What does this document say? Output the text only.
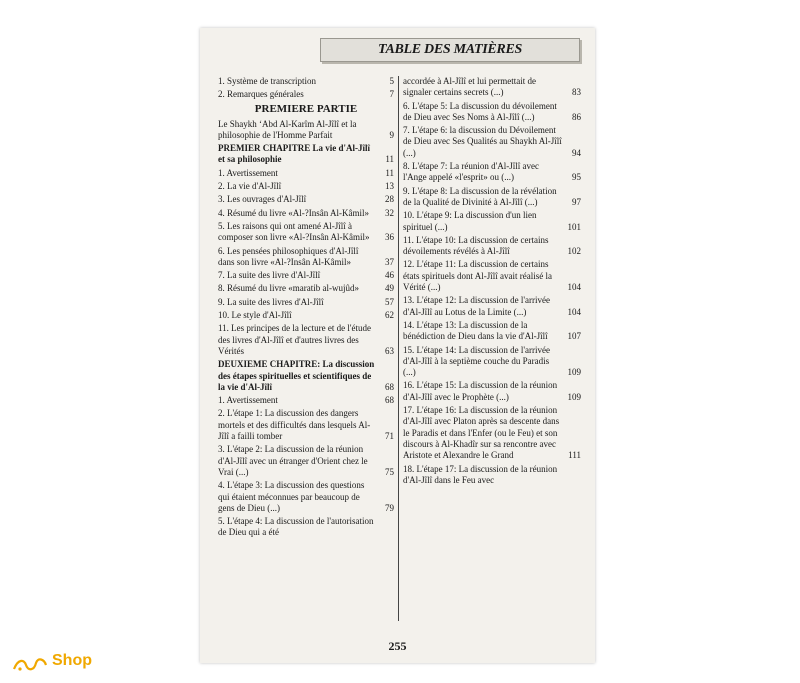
TABLE DES MATIÈRES
1. Système de transcription	5
2. Remarques générales	7
PREMIERE PARTIE
Le Shaykh ʻAbd Al-Karîm Al-Jîlî et la philosophie de l'Homme Parfait	9
PREMIER CHAPITRE La vie d'Al-Jîlî et sa philosophie	11
1. Avertissement	11
2. La vie d'Al-Jîlî	13
3. Les ouvrages d'Al-Jîlî	28
4. Résumé du livre «Al-?Insân Al-Kâmil»	32
5. Les raisons qui ont amené Al-Jîlî à composer son livre «Al-?Insân Al-Kâmil»	36
6. Les pensées philosophiques d'Al-Jîlî dans son livre «Al-?Insân Al-Kâmil»	37
7. La suite des livre d'Al-Jîlî	46
8. Résumé du livre «maratib al-wujûd»	49
9. La suite des livres d'Al-Jîlî	57
10. Le style d'Al-Jîlî	62
11. Les principes de la lecture et de l'étude des livres d'Al-Jîlî et d'autres livres des Vérités	63
DEUXIEME CHAPITRE: La discussion des étapes spirituelles et scientifiques de la vie d'Al-Jîlî	68
1. Avertissement	68
2. L'étape 1: La discussion des dangers mortels et des difficultés dans lesquels Al-Jîlî a failli tomber	71
3. L'étape 2: La discussion de la réunion d'Al-Jîlî avec un étranger d'Orient chez le Vrai (...)	75
4. L'étape 3: La discussion des questions qui étaient méconnues par beaucoup de gens de Dieu (...)	79
5. L'étape 4: La discussion de l'autorisation de Dieu qui a été
accordée à Al-Jîlî et lui permettait de signaler certains secrets (...)	83
6. L'étape 5: La discussion du dévoilement de Dieu avec Ses Noms à Al-Jîlî (...)	86
7. L'étape 6: la discussion du Dévoilement de Dieu avec Ses Qualités au Shaykh Al-Jîlî (...)	94
8. L'étape 7: La réunion d'Al-Jîlî avec l'Ange appelé «l'esprit» ou (...)	95
9. L'étape 8: La discussion de la révélation de la Qualité de Divinité à Al-Jîlî (...)	97
10. L'étape 9: La discussion d'un lien spirituel (...)	101
11. L'étape 10: La discussion de certains dévoilements révélés à Al-Jîlî	102
12. L'étape 11: La discussion de certains états spirituels dont Al-Jîlî avait réalisé la Vérité (...)	104
13. L'étape 12: La discussion de l'arrivée d'Al-Jîlî au Lotus de la Limite (...)	104
14. L'étape 13: La discussion de la bénédiction de Dieu dans la vie d'Al-Jîlî	107
15. L'étape 14: La discussion de l'arrivée d'Al-Jîlî à la septième couche du Paradis (...)	109
16. L'étape 15: La discussion de la réunion d'Al-Jîlî avec le Prophète (...)	109
17. L'étape 16: La discussion de la réunion d'Al-Jîlî avec Platon après sa descente dans le Paradis et dans l'Enfer (ou le Feu) et son discours à Al-Khadîr sur sa rencontre avec Aristote et Alexandre le Grand	111
18. L'étape 17: La discussion de la réunion d'Al-Jîlî dans le Feu avec
255
Shop
